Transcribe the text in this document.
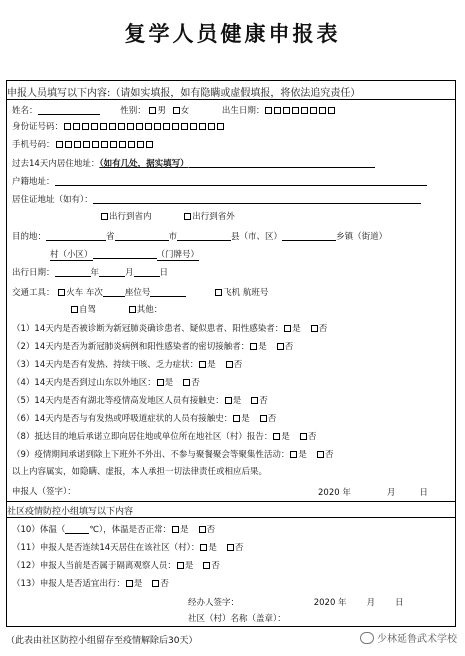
复学人员健康申报表
申报人员填写以下内容:（请如实填报，如有隐瞒或虚假填报，将依法追究责任）
姓名：	性别： 男 女	出生日期：
身份证号码：
手机号码：
过去14天内居住地址：（如有几处，据实填写）
户籍地址：
居住证地址（如有）：
出行到省内	出行到省外
目的地：	省	市	县（市、区）	乡镇（街道）
村（小区）	（门牌号）
出行日期：	年	月	日
交通工具： 火车 车次	座位号	飞机 航班号
自驾	其他：
（1）14天内是否被诊断为新冠肺炎确诊患者、疑似患者、阳性感染者： 是 否
（2）14天内是否为新冠肺炎病例和阳性感染者的密切接触者： 是 否
（3）14天内是否有发热、持续干咳、乏力症状： 是 否
（4）14天内是否到过山东以外地区： 是 否
（5）14天内是否有湖北等疫情高发地区人员有接触史： 是 否
（6）14天内是否与有发热或呼吸道症状的人员有接触史： 是 否
（8）抵达目的地后承诺立即向居住地或单位所在地社区（村）报告： 是 否
（9）疫情期间承诺到除上下班外不外出、不参与聚餐聚会等聚集性活动： 是 否
以上内容属实，如隐瞒、虚报，本人承担一切法律责任或相应后果。
申报人（签字）：	2020 年	月	日
社区疫情防控小组填写以下内容
（10）体温（	℃），体温是否正常： 是 否
（11）申报人是否连续14天居住在该社区（村）： 是 否
（12）申报人当前是否属于隔离观察人员： 是 否
（13）申报人是否适宜出行： 是 否
经办人签字：	2020 年 月 日
社区（村）名称（盖章）：
（此表由社区防控小组留存至疫情解除后30天）	少林延鲁武术学校
